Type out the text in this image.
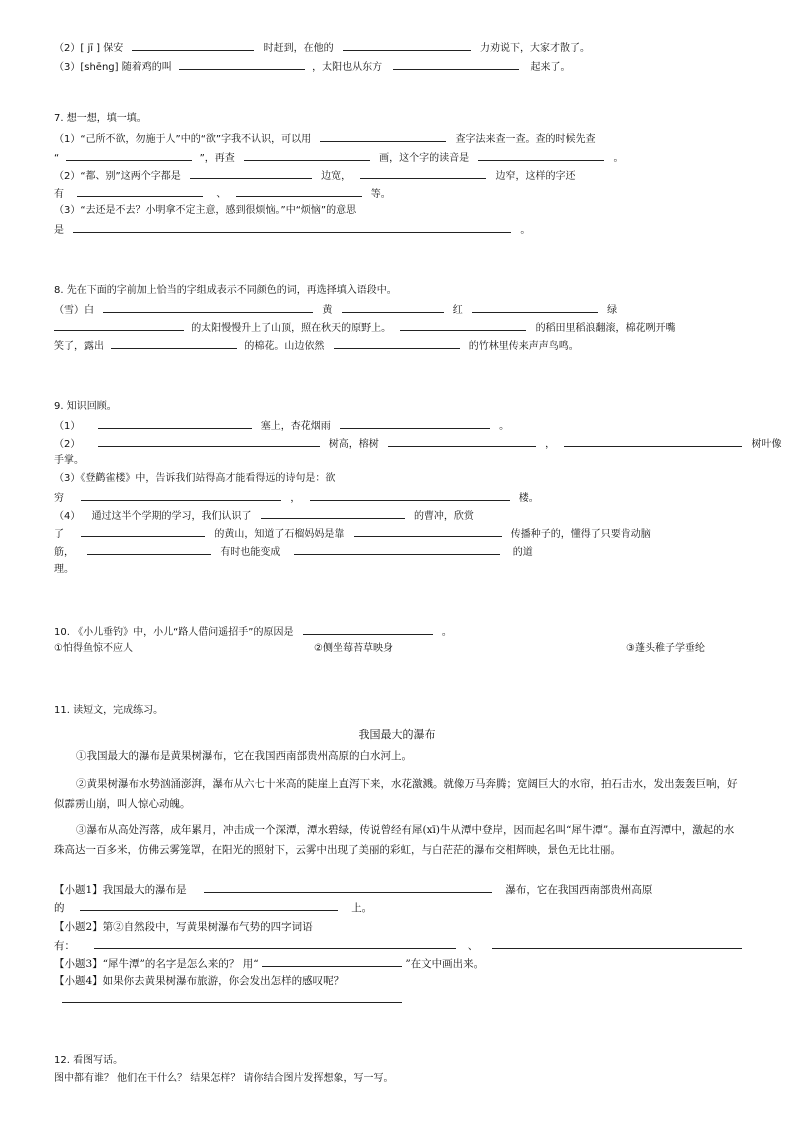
（2）[ jī ] 保安	时赶到，在他的	力劝说下，大家才散了。
（3）[shēng] 随着鸡的叫	，太阳也从东方	起来了。
7. 想一想，填一填。
（1）“己所不欲，勿施于人”中的“欲”字我不认识，可以用	查字法来查一查。查的时候先查
“	”，再查	画，这个字的读音是	。
（2）“都、别”这两个字都是	边宽，	边窄，这样的字还
有	、	等。
（3）“去还是不去？小明拿不定主意，感到很烦恼。”中“烦恼”的意思
是	。
8. 先在下面的字前加上恰当的字组成表示不同颜色的词，再选择填入语段中。
（雪）白	黄	红	绿
的太阳慢慢升上了山顶，照在秋天的原野上。	的稻田里稻浪翻滚，棉花咧开嘴
笑了，露出	的棉花。山边依然	的竹林里传来声声鸟鸣。
9. 知识回顾。
（1）	塞上，杏花烟雨	。
（2）	树高，榕树	，	树叶像
手掌。
（3）《登鹳雀楼》中，告诉我们站得高才能看得远的诗句是：欲
穷	，	楼。
（4） 通过这半个学期的学习，我们认识了	的曹冲，欣赏
了	的黄山，知道了石榴妈妈是靠	传播种子的，懂得了只要肯动脑
筋，	有时也能变成	的道
理。
10. 《小儿垂钓》中，小儿“路人借问遥招手”的原因是	。
①怕得鱼惊不应人	②侧坐莓苔草映身	③蓬头稚子学垂纶
11. 读短文，完成练习。
我国最大的瀑布
①我国最大的瀑布是黄果树瀑布，它在我国西南部贵州高原的白水河上。
②黄果树瀑布水势汹涌澎湃，瀑布从六七十米高的陡崖上直泻下来，水花激溅。就像万马奔腾；宽阔巨大的水帘，拍石击水，发出轰轰巨响，好似霹雳山崩，叫人惊心动魄。
③瀑布从高处泻落，成年累月，冲击成一个深潭，潭水碧绿，传说曾经有犀(xī)牛从潭中登岸，因而起名叫“犀牛潭”。瀑布直泻潭中，激起的水珠高达一百多米，仿佛云雾笼罩，在阳光的照射下，云雾中出现了美丽的彩虹，与白茫茫的瀑布交相辉映，景色无比壮丽。
【小题1】我国最大的瀑布是	瀑布，它在我国西南部贵州高原
的	上。
【小题2】第②自然段中，写黄果树瀑布气势的四字词语
有：	、
【小题3】“犀牛潭”的名字是怎么来的？ 用“	”在文中画出来。
【小题4】如果你去黄果树瀑布旅游，你会发出怎样的感叹呢？
12. 看图写话。
图中都有谁？ 他们在干什么？ 结果怎样？ 请你结合图片发挥想象，写一写。
